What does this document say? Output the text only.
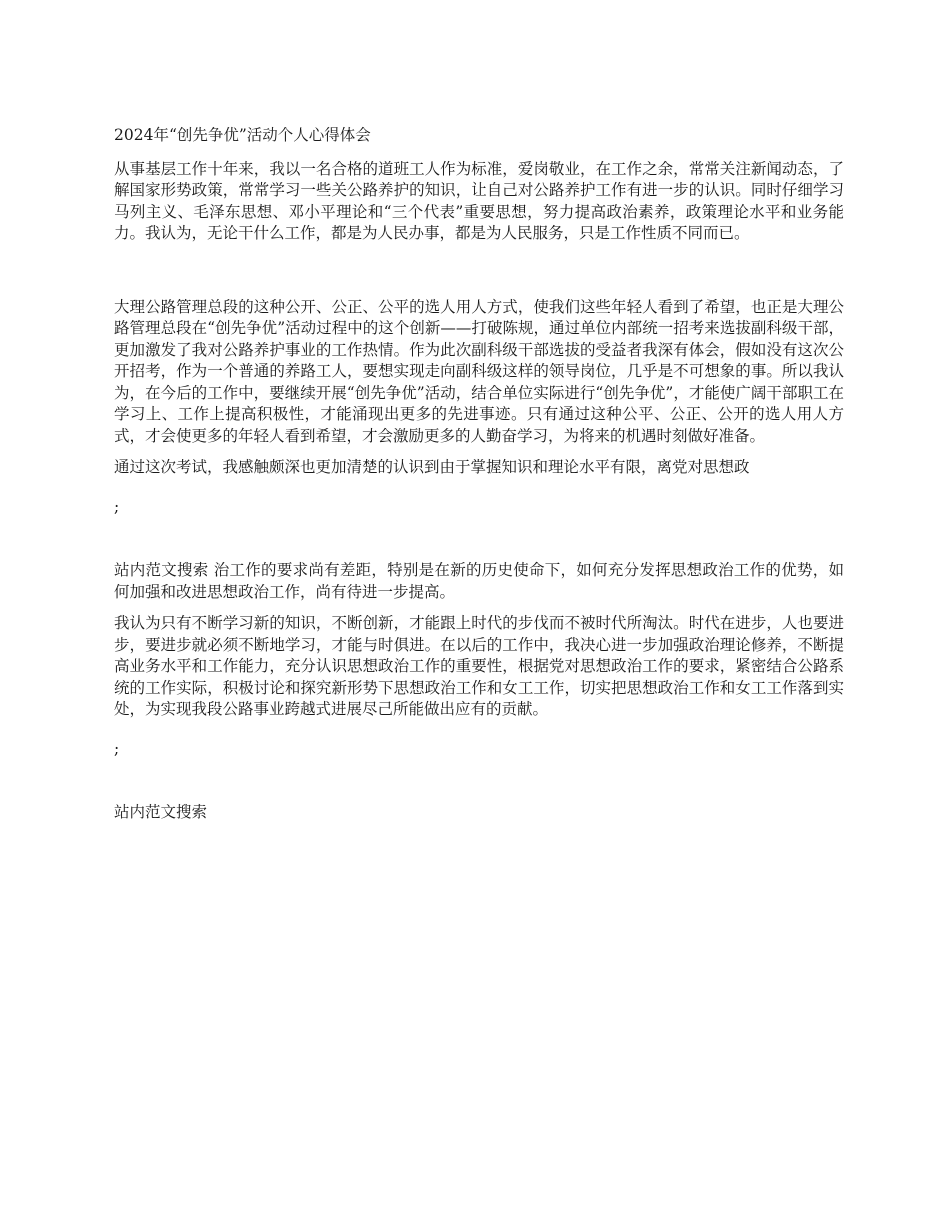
2024年“创先争优”活动个人心得体会

从事基层工作十年来，我以一名合格的道班工人作为标准，爱岗敬业，在工作之余，常常关注新闻动态，了解国家形势政策，常常学习一些关公路养护的知识，让自己对公路养护工作有进一步的认识。同时仔细学习马列主义、毛泽东思想、邓小平理论和“三个代表”重要思想，努力提高政治素养，政策理论水平和业务能力。我认为，无论干什么工作，都是为人民办事，都是为人民服务，只是工作性质不同而已。

大理公路管理总段的这种公开、公正、公平的选人用人方式，使我们这些年轻人看到了希望，也正是大理公路管理总段在“创先争优”活动过程中的这个创新——打破陈规，通过单位内部统一招考来选拔副科级干部，更加激发了我对公路养护事业的工作热情。作为此次副科级干部选拔的受益者我深有体会，假如没有这次公开招考，作为一个普通的养路工人，要想实现走向副科级这样的领导岗位，几乎是不可想象的事。所以我认为，在今后的工作中，要继续开展“创先争优”活动，结合单位实际进行“创先争优”，才能使广阔干部职工在学习上、工作上提高积极性，才能涌现出更多的先进事迹。只有通过这种公平、公正、公开的选人用人方式，才会使更多的年轻人看到希望，才会激励更多的人勤奋学习，为将来的机遇时刻做好准备。

通过这次考试，我感触颇深也更加清楚的认识到由于掌握知识和理论水平有限，离党对思想政

;

站内范文搜索 治工作的要求尚有差距，特别是在新的历史使命下，如何充分发挥思想政治工作的优势，如何加强和改进思想政治工作，尚有待进一步提高。

我认为只有不断学习新的知识，不断创新，才能跟上时代的步伐而不被时代所淘汰。时代在进步，人也要进步，要进步就必须不断地学习，才能与时俱进。在以后的工作中，我决心进一步加强政治理论修养，不断提高业务水平和工作能力，充分认识思想政治工作的重要性，根据党对思想政治工作的要求，紧密结合公路系统的工作实际，积极讨论和探究新形势下思想政治工作和女工工作，切实把思想政治工作和女工工作落到实处，为实现我段公路事业跨越式进展尽己所能做出应有的贡献。

;

站内范文搜索
